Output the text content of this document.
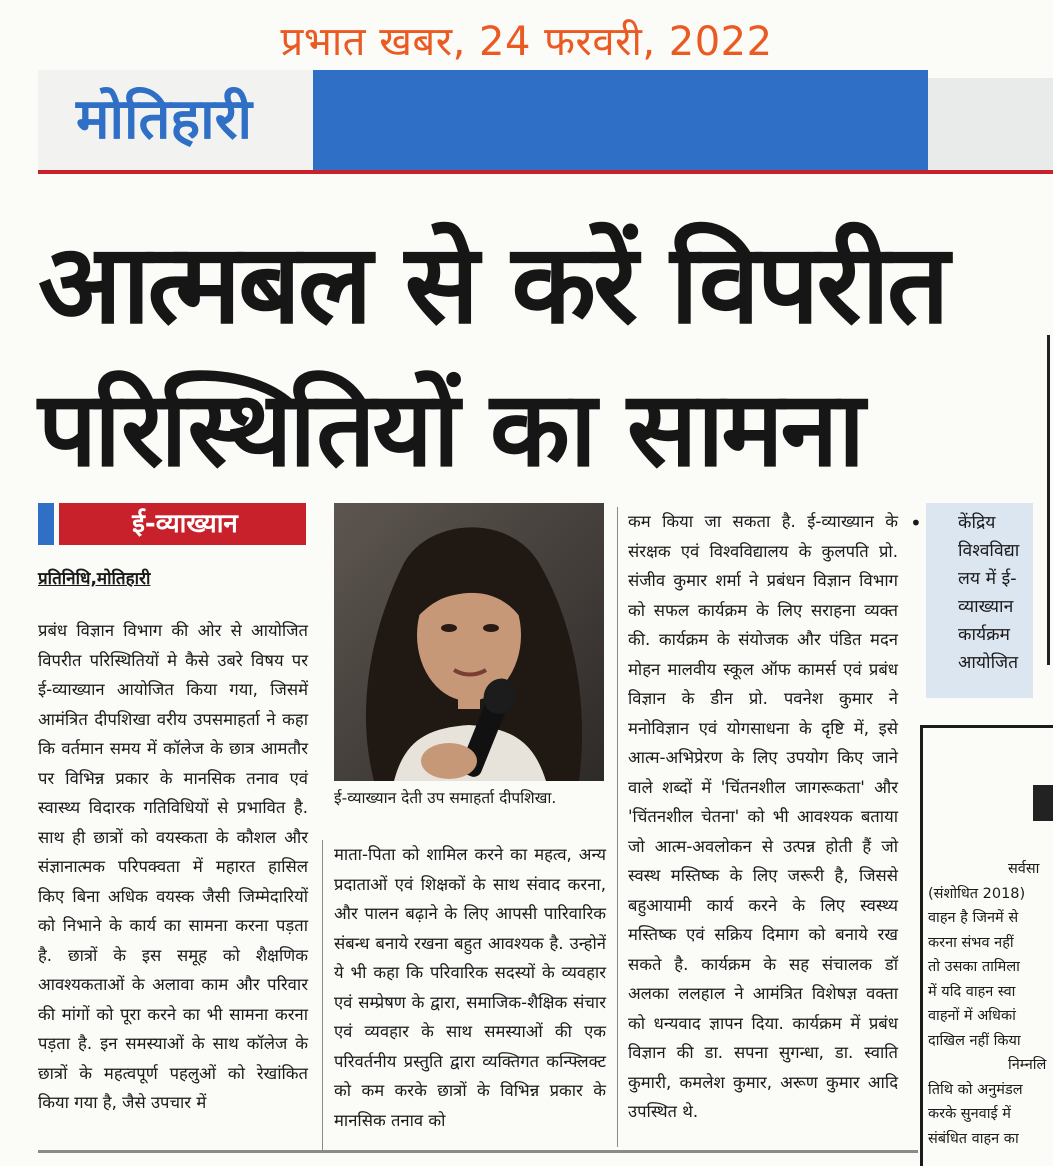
प्रभात खबर, 24 फरवरी, 2022
मोतिहारी
आत्मबल से करें विपरीत
परिस्थितियों का सामना
ई-व्याख्यान
प्रतिनिधि,मोतिहारी
प्रबंध विज्ञान विभाग की ओर से आयोजित विपरीत परिस्थितियों मे कैसे उबरे विषय पर ई-व्याख्यान आयोजित किया गया, जिसमें आमंत्रित दीपशिखा वरीय उपसमाहर्ता ने कहा कि वर्तमान समय में कॉलेज के छात्र आमतौर पर विभिन्न प्रकार के मानसिक तनाव एवं स्वास्थ्य विदारक गतिविधियों से प्रभावित है. साथ ही छात्रों को वयस्कता के कौशल और संज्ञानात्मक परिपक्वता में महारत हासिल किए बिना अधिक वयस्क जैसी जिम्मेदारियों को निभाने के कार्य का सामना करना पड़ता है. छात्रों के इस समूह को शैक्षणिक आवश्यकताओं के अलावा काम और परिवार की मांगों को पूरा करने का भी सामना करना पड़ता है. इन समस्याओं के साथ कॉलेज के छात्रों के महत्वपूर्ण पहलुओं को रेखांकित किया गया है, जैसे उपचार में
ई-व्याख्यान देती उप समाहर्ता दीपशिखा.
माता-पिता को शामिल करने का महत्व, अन्य प्रदाताओं एवं शिक्षकों के साथ संवाद करना, और पालन बढ़ाने के लिए आपसी पारिवारिक संबन्ध बनाये रखना बहुत आवश्यक है. उन्होनें ये भी कहा कि परिवारिक सदस्यों के व्यवहार एवं सम्प्रेषण के द्वारा, समाजिक-शैक्षिक संचार एवं व्यवहार के साथ समस्याओं की एक परिवर्तनीय प्रस्तुति द्वारा व्यक्तिगत कन्फ्लिक्ट को कम करके छात्रों के विभिन्न प्रकार के मानसिक तनाव को
कम किया जा सकता है. ई-व्याख्यान के संरक्षक एवं विश्वविद्यालय के कुलपति प्रो. संजीव कुमार शर्मा ने प्रबंधन विज्ञान विभाग को सफल कार्यक्रम के लिए सराहना व्यक्त की. कार्यक्रम के संयोजक और पंडित मदन मोहन मालवीय स्कूल ऑफ कामर्स एवं प्रबंध विज्ञान के डीन प्रो. पवनेश कुमार ने मनोविज्ञान एवं योगसाधना के दृष्टि में, इसे आत्म-अभिप्रेरण के लिए उपयोग किए जाने वाले शब्दों में 'चिंतनशील जागरूकता' और 'चिंतनशील चेतना' को भी आवश्यक बताया जो आत्म-अवलोकन से उत्पन्न होती हैं जो स्वस्थ मस्तिष्क के लिए जरूरी है, जिससे बहुआयामी कार्य करने के लिए स्वस्थ्य मस्तिष्क एवं सक्रिय दिमाग को बनाये रख सकते है. कार्यक्रम के सह संचालक डॉ अलका ललहाल ने आमंत्रित विशेषज्ञ वक्ता को धन्यवाद ज्ञापन दिया. कार्यक्रम में प्रबंध विज्ञान की डा. सपना सुगन्धा, डा. स्वाति कुमारी, कमलेश कुमार, अरूण कुमार आदि उपस्थित थे.
• केंद्रिय विश्वविद्या लय में ई-व्याख्यान कार्यक्रम आयोजित
सर्वसा
(संशोधित 2018)
वाहन है जिनमें से
करना संभव नहीं
तो उसका तामिला
में यदि वाहन स्वा
वाहनों में अधिकां
दाखिल नहीं किया
निम्नलि
तिथि को अनुमंडल
करके सुनवाई में
संबंधित वाहन का
